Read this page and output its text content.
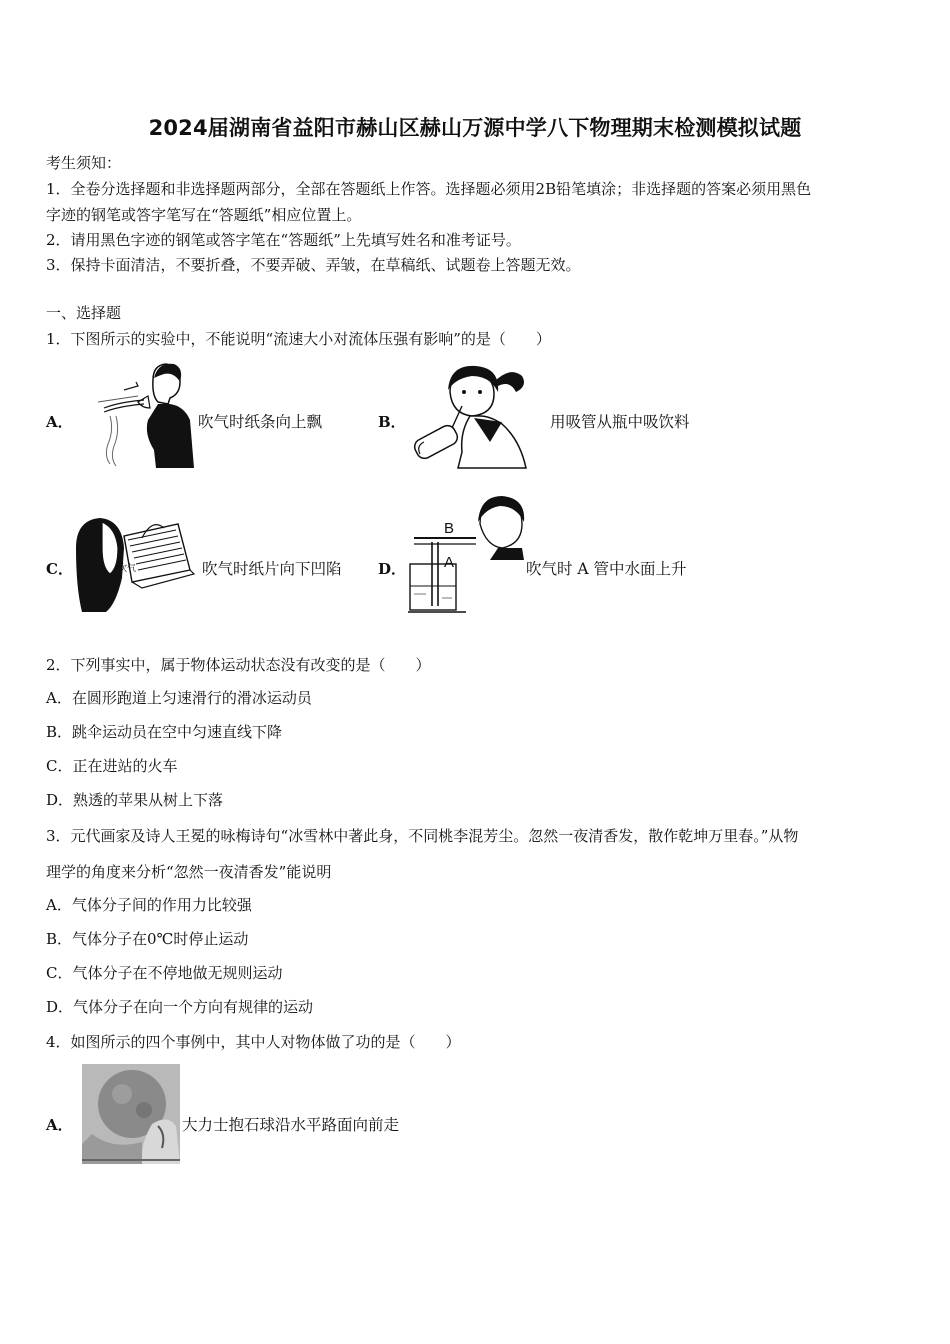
2024届湖南省益阳市赫山区赫山万源中学八下物理期末检测模拟试题
考生须知：
1．全卷分选择题和非选择题两部分，全部在答题纸上作答。选择题必须用2B铅笔填涂；非选择题的答案必须用黑色
字迹的钢笔或答字笔写在“答题纸”相应位置上。
2．请用黑色字迹的钢笔或答字笔在“答题纸”上先填写姓名和准考证号。
3．保持卡面清洁，不要折叠，不要弄破、弄皱，在草稿纸、试题卷上答题无效。
一、选择题
1．下图所示的实验中，不能说明“流速大小对流体压强有影响”的是（　　）
A．	吹气时纸条向上飘	B．	用吸管从瓶中吸饮料
C．	吹气	吹气时纸片向下凹陷 D．
B
A	吹气时 A 管中水面上升
2．下列事实中，属于物体运动状态没有改变的是（　　）
A．在圆形跑道上匀速滑行的滑冰运动员
B．跳伞运动员在空中匀速直线下降
C．正在进站的火车
D．熟透的苹果从树上下落
3．元代画家及诗人王冕的咏梅诗句“冰雪林中著此身，不同桃李混芳尘。忽然一夜清香发，散作乾坤万里春。”从物
理学的角度来分析“忽然一夜清香发”能说明
A．气体分子间的作用力比较强
B．气体分子在0℃时停止运动
C．气体分子在不停地做无规则运动
D．气体分子在向一个方向有规律的运动
4．如图所示的四个事例中，其中人对物体做了功的是（　　）
A．	大力士抱石球沿水平路面向前走
